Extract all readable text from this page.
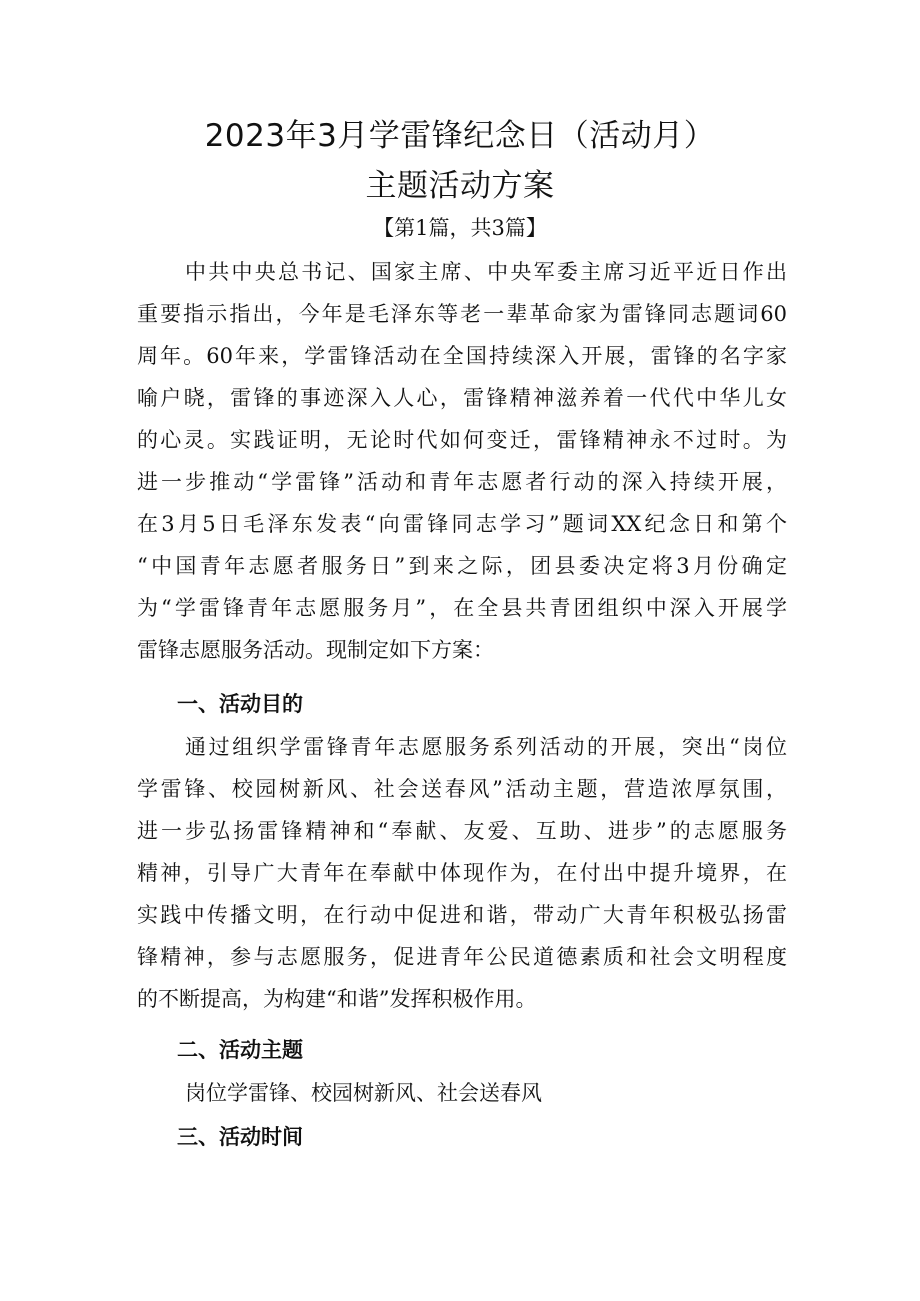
2023年3月学雷锋纪念日（活动月）
主题活动方案
【第1篇，共3篇】
中共中央总书记、国家主席、中央军委主席习近平近日作出
重要指示指出，今年是毛泽东等老一辈革命家为雷锋同志题词60
周年。60年来，学雷锋活动在全国持续深入开展，雷锋的名字家
喻户晓，雷锋的事迹深入人心，雷锋精神滋养着一代代中华儿女
的心灵。实践证明，无论时代如何变迁，雷锋精神永不过时。为
进一步推动“学雷锋”活动和青年志愿者行动的深入持续开展，
在3月5日毛泽东发表“向雷锋同志学习”题词XX纪念日和第个
“中国青年志愿者服务日”到来之际，团县委决定将3月份确定
为“学雷锋青年志愿服务月”，在全县共青团组织中深入开展学
雷锋志愿服务活动。现制定如下方案：
一、活动目的
通过组织学雷锋青年志愿服务系列活动的开展，突出“岗位
学雷锋、校园树新风、社会送春风”活动主题，营造浓厚氛围，
进一步弘扬雷锋精神和“奉献、友爱、互助、进步”的志愿服务
精神，引导广大青年在奉献中体现作为，在付出中提升境界，在
实践中传播文明，在行动中促进和谐，带动广大青年积极弘扬雷
锋精神，参与志愿服务，促进青年公民道德素质和社会文明程度
的不断提高，为构建“和谐”发挥积极作用。
二、活动主题
岗位学雷锋、校园树新风、社会送春风
三、活动时间
